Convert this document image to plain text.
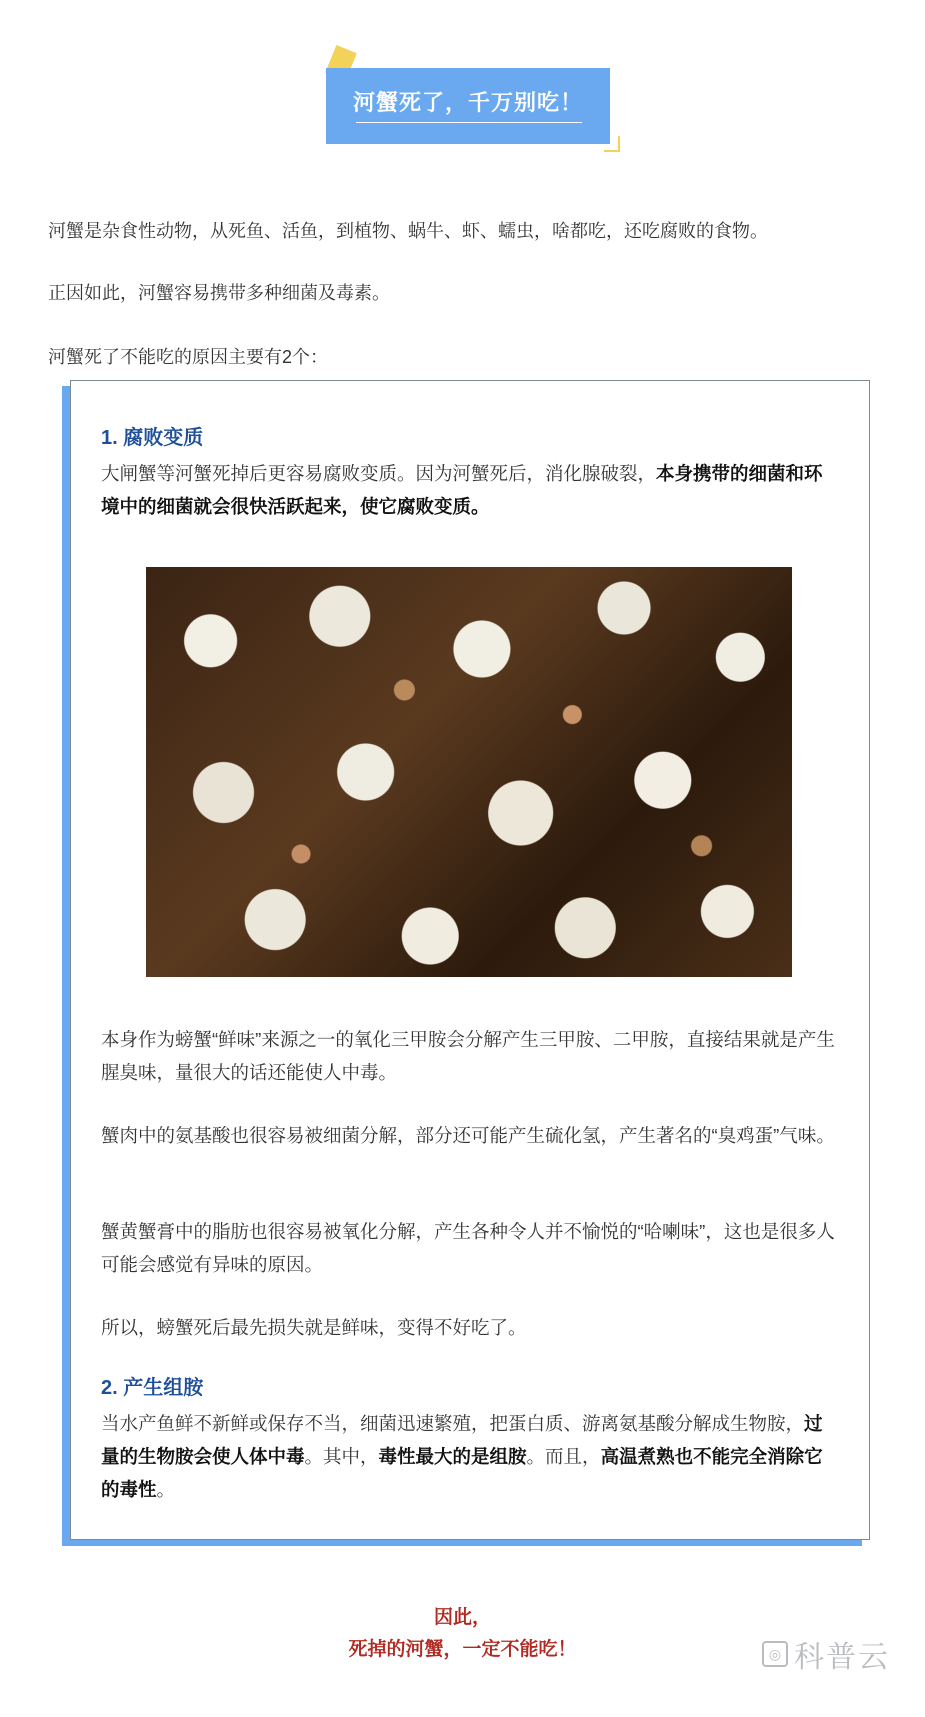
河蟹死了，千万别吃！
河蟹是杂食性动物，从死鱼、活鱼，到植物、蜗牛、虾、蠕虫，啥都吃，还吃腐败的食物。
正因如此，河蟹容易携带多种细菌及毒素。
河蟹死了不能吃的原因主要有2个：
1. 腐败变质

大闸蟹等河蟹死掉后更容易腐败变质。因为河蟹死后，消化腺破裂，本身携带的细菌和环境中的细菌就会很快活跃起来，使它腐败变质。

本身作为螃蟹“鲜味”来源之一的氧化三甲胺会分解产生三甲胺、二甲胺，直接结果就是产生腥臭味，量很大的话还能使人中毒。

蟹肉中的氨基酸也很容易被细菌分解，部分还可能产生硫化氢，产生著名的“臭鸡蛋”气味。

蟹黄蟹膏中的脂肪也很容易被氧化分解，产生各种令人并不愉悦的“哈喇味”，这也是很多人可能会感觉有异味的原因。

所以，螃蟹死后最先损失就是鲜味，变得不好吃了。

2. 产生组胺

当水产鱼鲜不新鲜或保存不当，细菌迅速繁殖，把蛋白质、游离氨基酸分解成生物胺，过量的生物胺会使人体中毒。其中，毒性最大的是组胺。而且，高温煮熟也不能完全消除它的毒性。

因此，
死掉的河蟹，一定不能吃！	◎ 科普云
